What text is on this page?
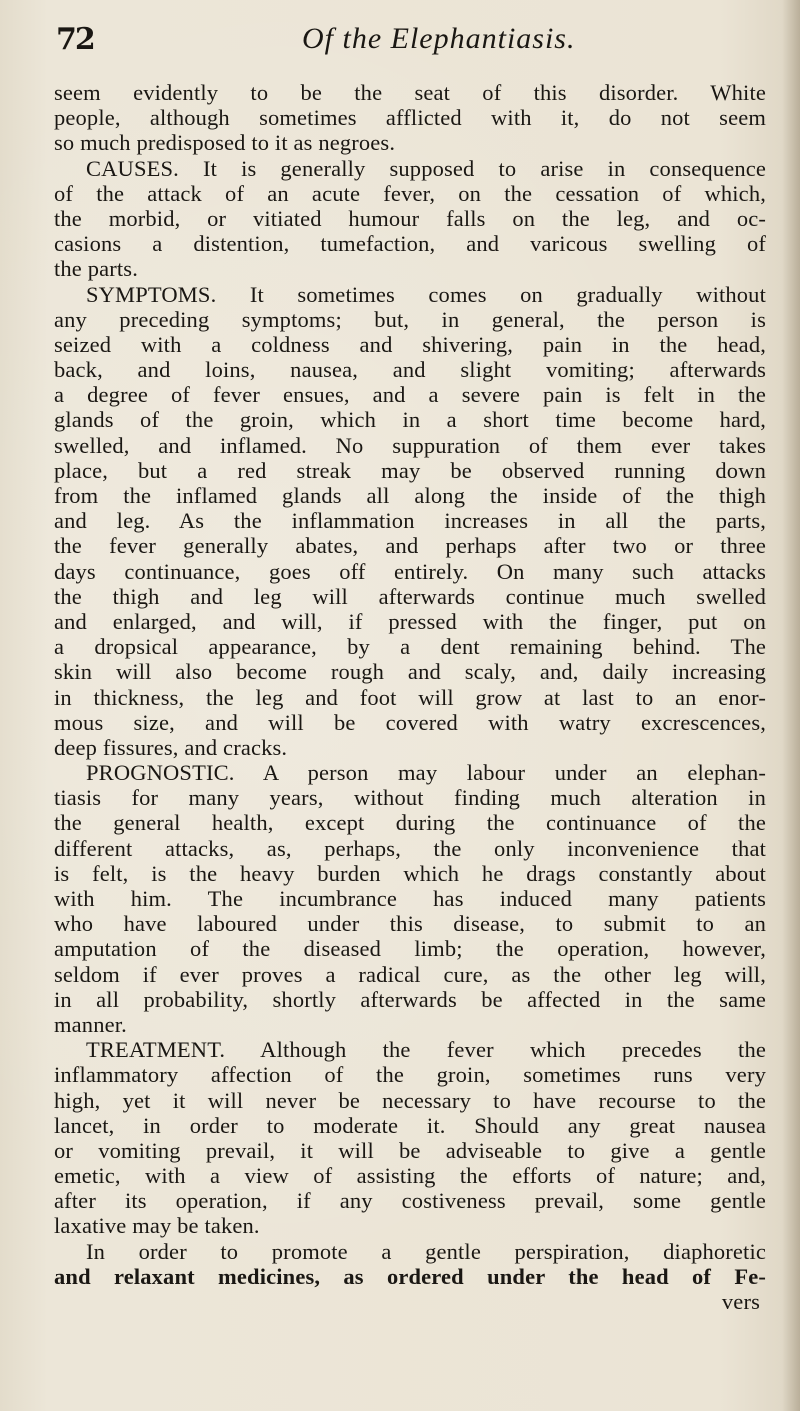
72	Of the Elephantiasis.
seem evidently to be the seat of this disorder. White
people, although sometimes afflicted with it, do not seem
so much predisposed to it as negroes.
CAUSES. It is generally supposed to arise in consequence
of the attack of an acute fever, on the cessation of which,
the morbid, or vitiated humour falls on the leg, and oc-
casions a distention, tumefaction, and varicous swelling of
the parts.
SYMPTOMS. It sometimes comes on gradually without
any preceding symptoms; but, in general, the person is
seized with a coldness and shivering, pain in the head,
back, and loins, nausea, and slight vomiting; afterwards
a degree of fever ensues, and a severe pain is felt in the
glands of the groin, which in a short time become hard,
swelled, and inflamed. No suppuration of them ever takes
place, but a red streak may be observed running down
from the inflamed glands all along the inside of the thigh
and leg. As the inflammation increases in all the parts,
the fever generally abates, and perhaps after two or three
days continuance, goes off entirely. On many such attacks
the thigh and leg will afterwards continue much swelled
and enlarged, and will, if pressed with the finger, put on
a dropsical appearance, by a dent remaining behind. The
skin will also become rough and scaly, and, daily increasing
in thickness, the leg and foot will grow at last to an enor-
mous size, and will be covered with watry excrescences,
deep fissures, and cracks.
PROGNOSTIC. A person may labour under an elephan-
tiasis for many years, without finding much alteration in
the general health, except during the continuance of the
different attacks, as, perhaps, the only inconvenience that
is felt, is the heavy burden which he drags constantly about
with him. The incumbrance has induced many patients
who have laboured under this disease, to submit to an
amputation of the diseased limb; the operation, however,
seldom if ever proves a radical cure, as the other leg will,
in all probability, shortly afterwards be affected in the same
manner.
TREATMENT. Although the fever which precedes the
inflammatory affection of the groin, sometimes runs very
high, yet it will never be necessary to have recourse to the
lancet, in order to moderate it. Should any great nausea
or vomiting prevail, it will be adviseable to give a gentle
emetic, with a view of assisting the efforts of nature; and,
after its operation, if any costiveness prevail, some gentle
laxative may be taken.
In order to promote a gentle perspiration, diaphoretic
and relaxant medicines, as ordered under the head of Fe-
vers
